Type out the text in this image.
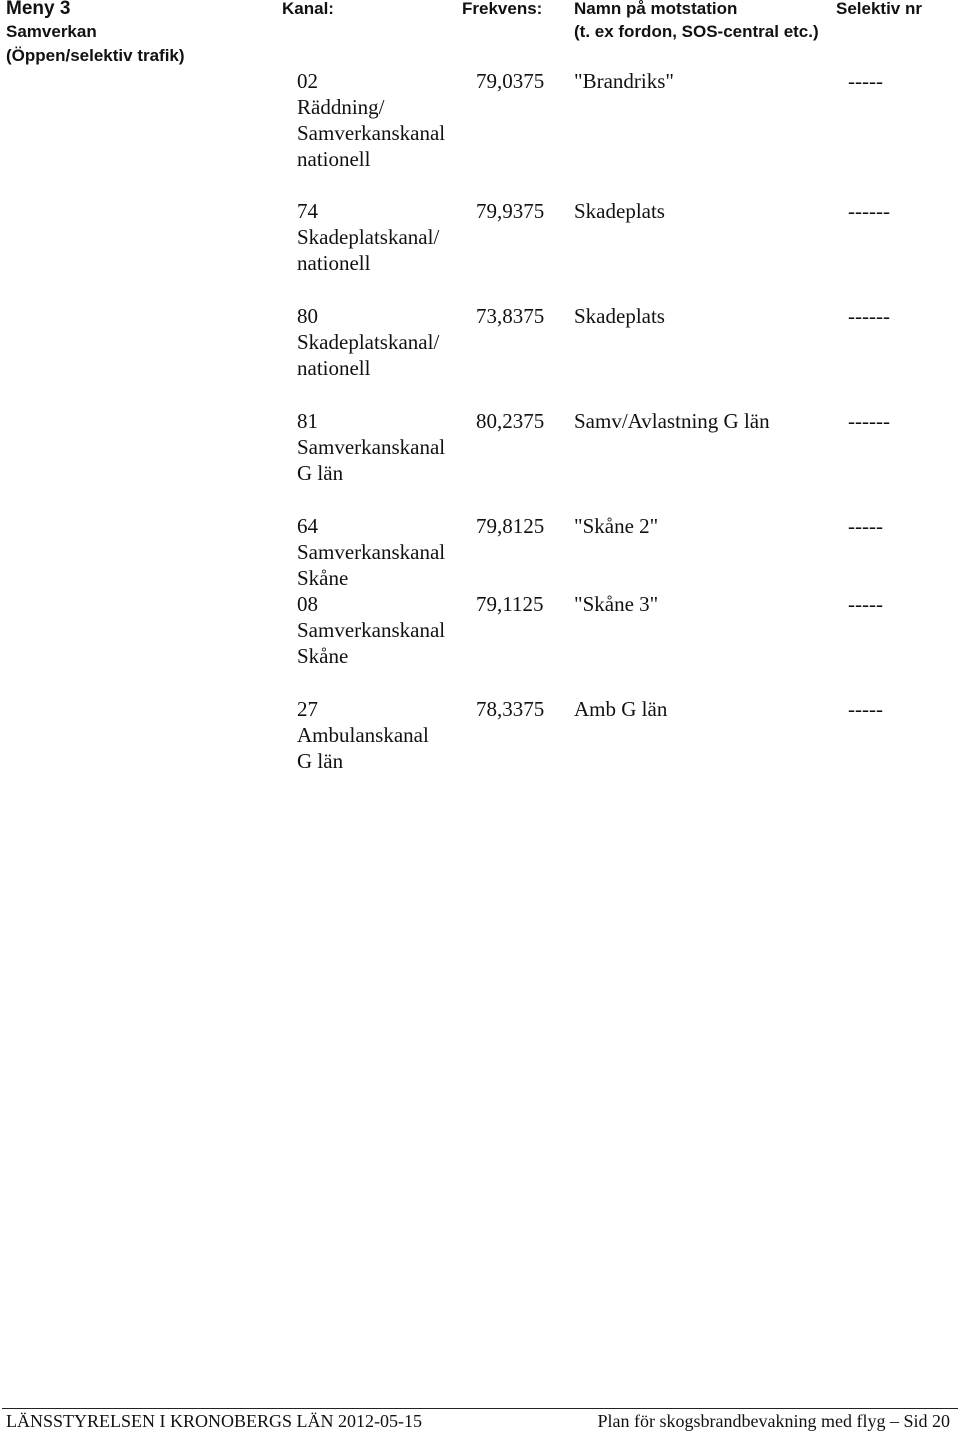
Meny 3
Samverkan
(Öppen/selektiv trafik)
Kanal:	Frekvens: Namn på motstation
(t. ex fordon, SOS-central etc.)
Selektiv nr
02
Räddning/
Samverkanskanal
nationell
79,0375 "Brandriks"	-----
74
Skadeplatskanal/
nationell
79,9375 Skadeplats	------
80
Skadeplatskanal/
nationell
73,8375 Skadeplats	------
81
Samverkanskanal
G län
80,2375 Samv/Avlastning G län	------
64
Samverkanskanal
Skåne
79,8125 "Skåne 2"	-----
08
Samverkanskanal
Skåne
79,1125 "Skåne 3"	-----
27
Ambulanskanal
G län
78,3375 Amb G län	-----
LÄNSSTYRELSEN I KRONOBERGS LÄN 2012-05-15	Plan för skogsbrandbevakning med flyg – Sid 20
